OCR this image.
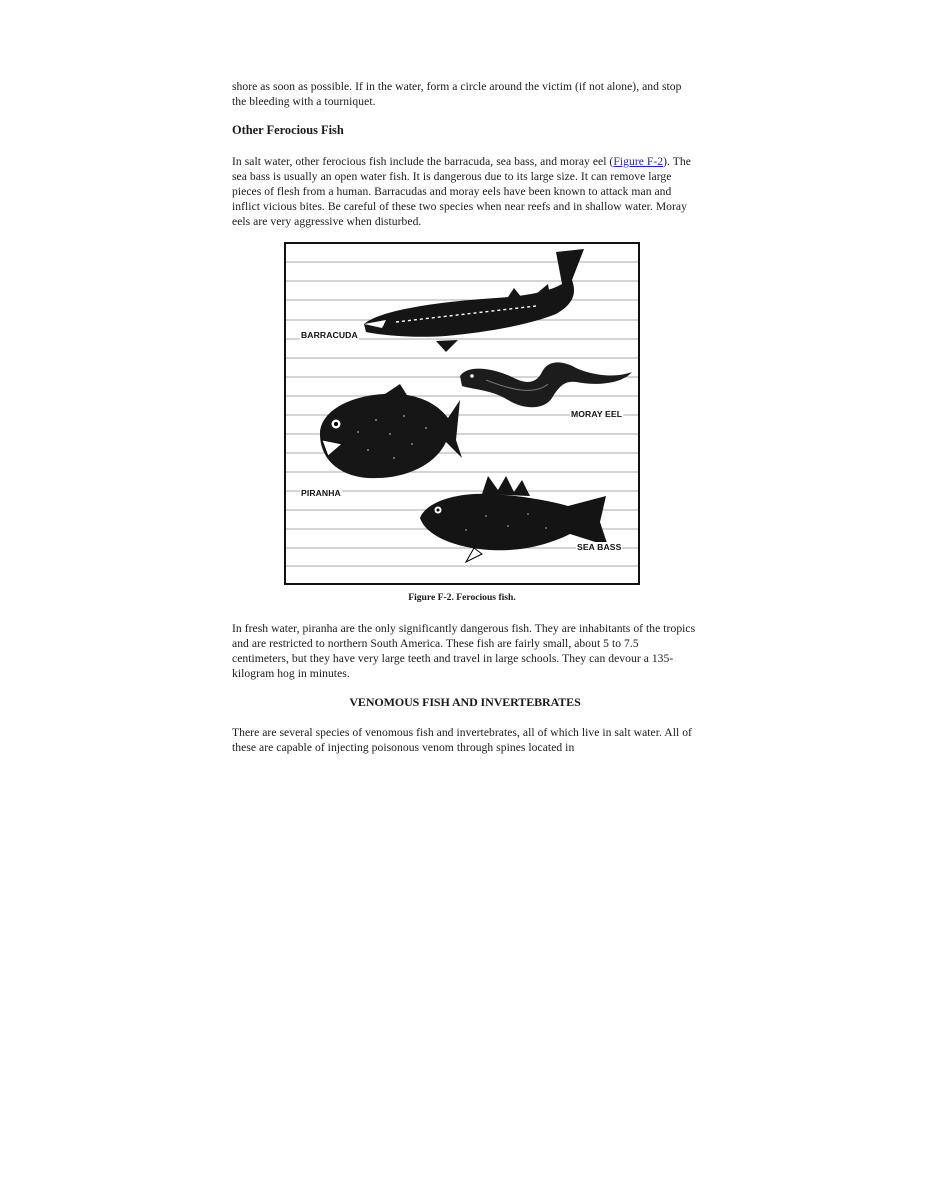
shore as soon as possible. If in the water, form a circle around the victim (if not alone), and stop the bleeding with a tourniquet.

Other Ferocious Fish

In salt water, other ferocious fish include the barracuda, sea bass, and moray eel (Figure F-2). The sea bass is usually an open water fish. It is dangerous due to its large size. It can remove large pieces of flesh from a human. Barracudas and moray eels have been known to attack man and inflict vicious bites. Be careful of these two species when near reefs and in shallow water. Moray eels are very aggressive when disturbed.

BARRACUDA
MORAY EEL
PIRANHA
SEA BASS

Figure F-2. Ferocious fish.

In fresh water, piranha are the only significantly dangerous fish. They are inhabitants of the tropics and are restricted to northern South America. These fish are fairly small, about 5 to 7.5 centimeters, but they have very large teeth and travel in large schools. They can devour a 135-kilogram hog in minutes.

VENOMOUS FISH AND INVERTEBRATES

There are several species of venomous fish and invertebrates, all of which live in salt water. All of these are capable of injecting poisonous venom through spines located in
